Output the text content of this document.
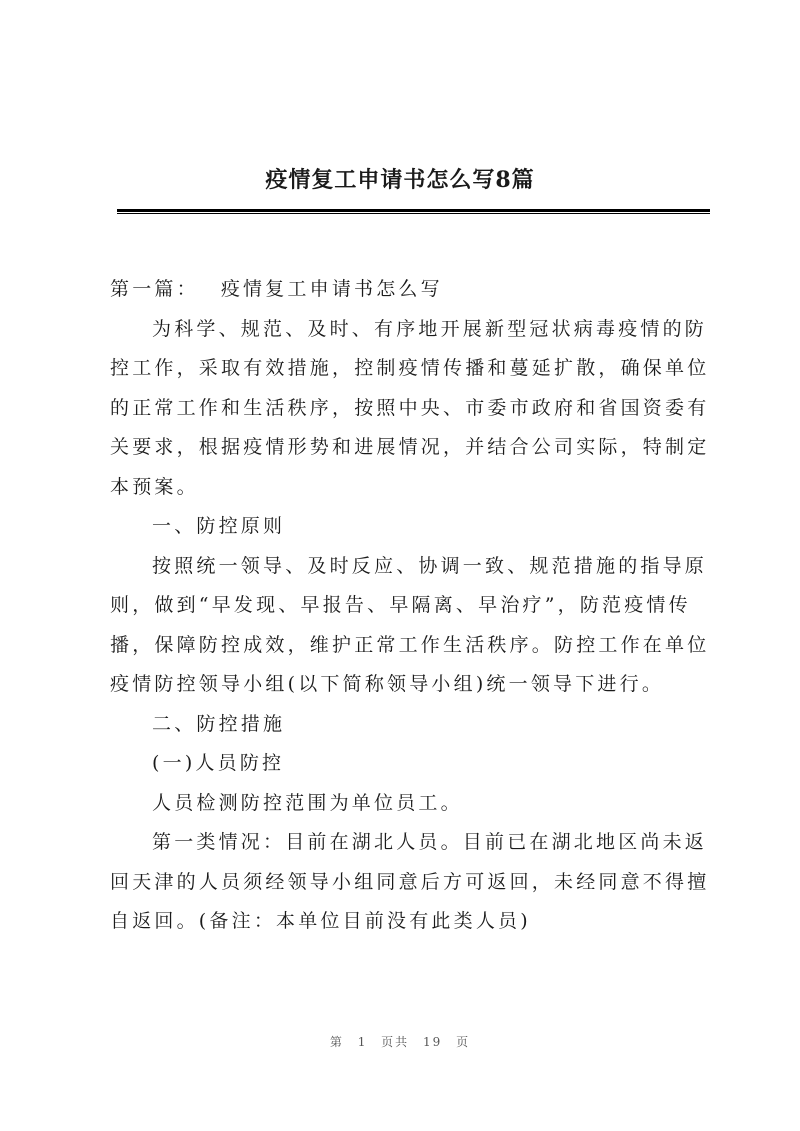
疫情复工申请书怎么写8篇

第一篇： 疫情复工申请书怎么写

为科学、规范、及时、有序地开展新型冠状病毒疫情的防控工作，采取有效措施，控制疫情传播和蔓延扩散，确保单位的正常工作和生活秩序，按照中央、市委市政府和省国资委有关要求，根据疫情形势和进展情况，并结合公司实际，特制定本预案。

一、防控原则

按照统一领导、及时反应、协调一致、规范措施的指导原则，做到“早发现、早报告、早隔离、早治疗”，防范疫情传播，保障防控成效，维护正常工作生活秩序。防控工作在单位疫情防控领导小组(以下简称领导小组)统一领导下进行。

二、防控措施

(一)人员防控

人员检测防控范围为单位员工。

第一类情况：目前在湖北人员。目前已在湖北地区尚未返回天津的人员须经领导小组同意后方可返回，未经同意不得擅自返回。(备注：本单位目前没有此类人员)

第 1 页共 19 页
